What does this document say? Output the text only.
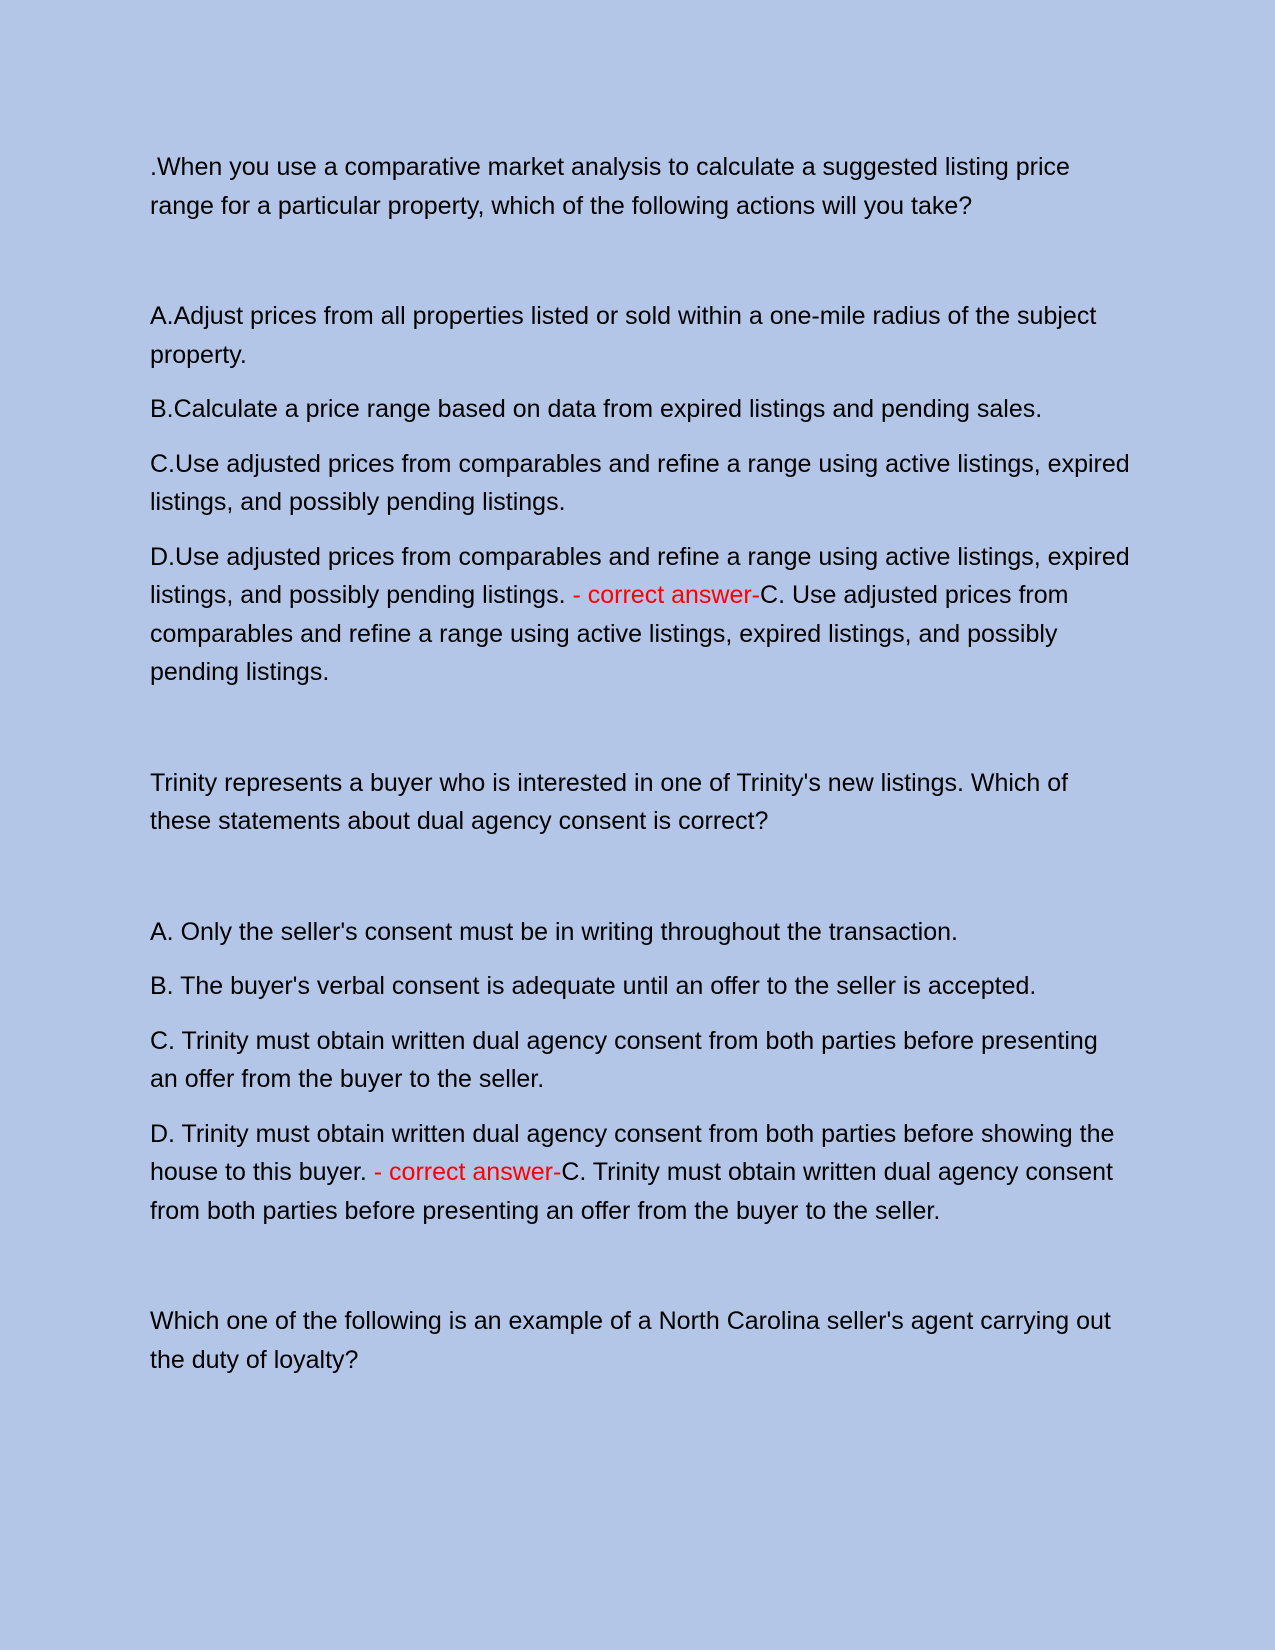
.When you use a comparative market analysis to calculate a suggested listing price range for a particular property, which of the following actions will you take?

A.Adjust prices from all properties listed or sold within a one-mile radius of the subject property.

B.Calculate a price range based on data from expired listings and pending sales.

C.Use adjusted prices from comparables and refine a range using active listings, expired listings, and possibly pending listings.

D.Use adjusted prices from comparables and refine a range using active listings, expired listings, and possibly pending listings. - correct answer-C. Use adjusted prices from comparables and refine a range using active listings, expired listings, and possibly pending listings.

Trinity represents a buyer who is interested in one of Trinity's new listings. Which of these statements about dual agency consent is correct?

A. Only the seller's consent must be in writing throughout the transaction.

B. The buyer's verbal consent is adequate until an offer to the seller is accepted.

C. Trinity must obtain written dual agency consent from both parties before presenting an offer from the buyer to the seller.

D. Trinity must obtain written dual agency consent from both parties before showing the house to this buyer. - correct answer-C. Trinity must obtain written dual agency consent from both parties before presenting an offer from the buyer to the seller.

Which one of the following is an example of a North Carolina seller's agent carrying out the duty of loyalty?
